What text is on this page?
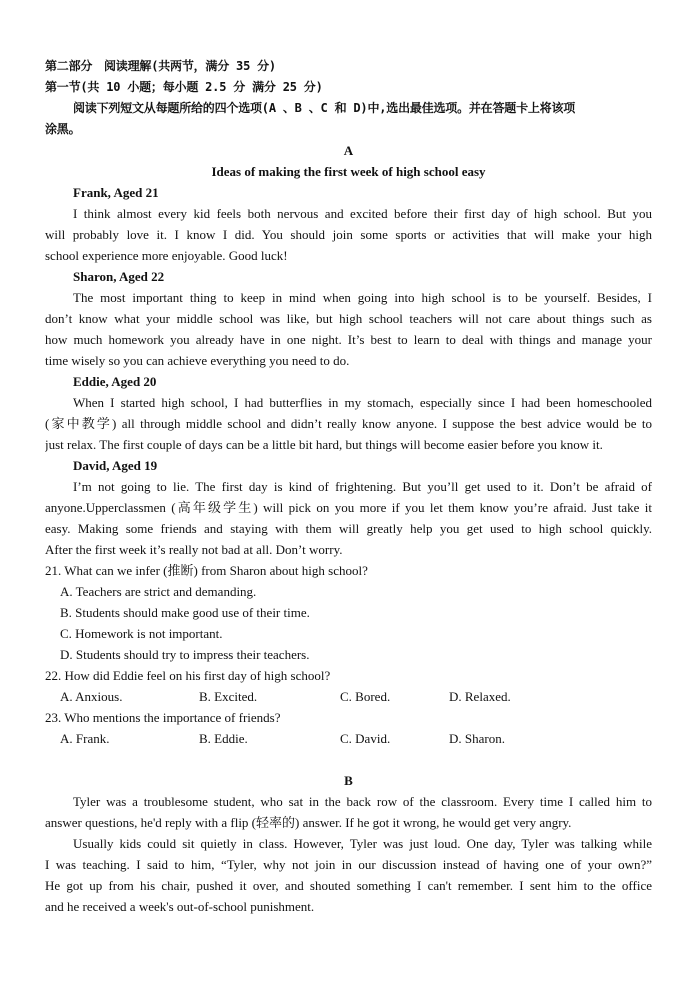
第二部分　阅读理解(共两节，满分 35 分)
第一节(共 10 小题；每小题 2.5 分 满分 25 分)
阅读下列短文从每题所给的四个选项(A 、B 、C 和 D)中,选出最佳选项。并在答题卡上将该项
涂黑。
A
Ideas of making the first week of high school easy
Frank, Aged 21
I think almost every kid feels both nervous and excited before their first day of high school. But you
will probably love it. I know I did. You should join some sports or activities that will make your high
school experience more enjoyable. Good luck!
Sharon, Aged 22
The most important thing to keep in mind when going into high school is to be yourself. Besides, I
don’t know what your middle school was like, but high school teachers will not care about things such as
how much homework you already have in one night. It’s best to learn to deal with things and manage your
time wisely so you can achieve everything you need to do.
Eddie, Aged 20
When I started high school, I had butterflies in my stomach, especially since I had been homeschooled
(家中教学) all through middle school and didn’t really know anyone. I suppose the best advice would be to
just relax. The first couple of days can be a little bit hard, but things will become easier before you know it.
David, Aged 19
I’m not going to lie. The first day is kind of frightening. But you’ll get used to it. Don’t be afraid of
anyone.Upperclassmen (高年级学生) will pick on you more if you let them know you’re afraid. Just take it
easy. Making some friends and staying with them will greatly help you get used to high school quickly.
After the first week it’s really not bad at all. Don’t worry.
21. What can we infer (推断) from Sharon about high school?
A. Teachers are strict and demanding.
B. Students should make good use of their time.
C. Homework is not important.
D. Students should try to impress their teachers.
22. How did Eddie feel on his first day of high school?
A. Anxious.	B. Excited.	C. Bored.	D. Relaxed.
23. Who mentions the importance of friends?
A. Frank.	B. Eddie.	C. David.	D. Sharon.
B
Tyler was a troublesome student, who sat in the back row of the classroom. Every time I called him to
answer questions, he'd reply with a flip (轻率的) answer. If he got it wrong, he would get very angry.
Usually kids could sit quietly in class. However, Tyler was just loud. One day, Tyler was talking while
I was teaching. I said to him, “Tyler, why not join in our discussion instead of having one of your own?”
He got up from his chair, pushed it over, and shouted something I can't remember. I sent him to the office
and he received a week's out-of-school punishment.
